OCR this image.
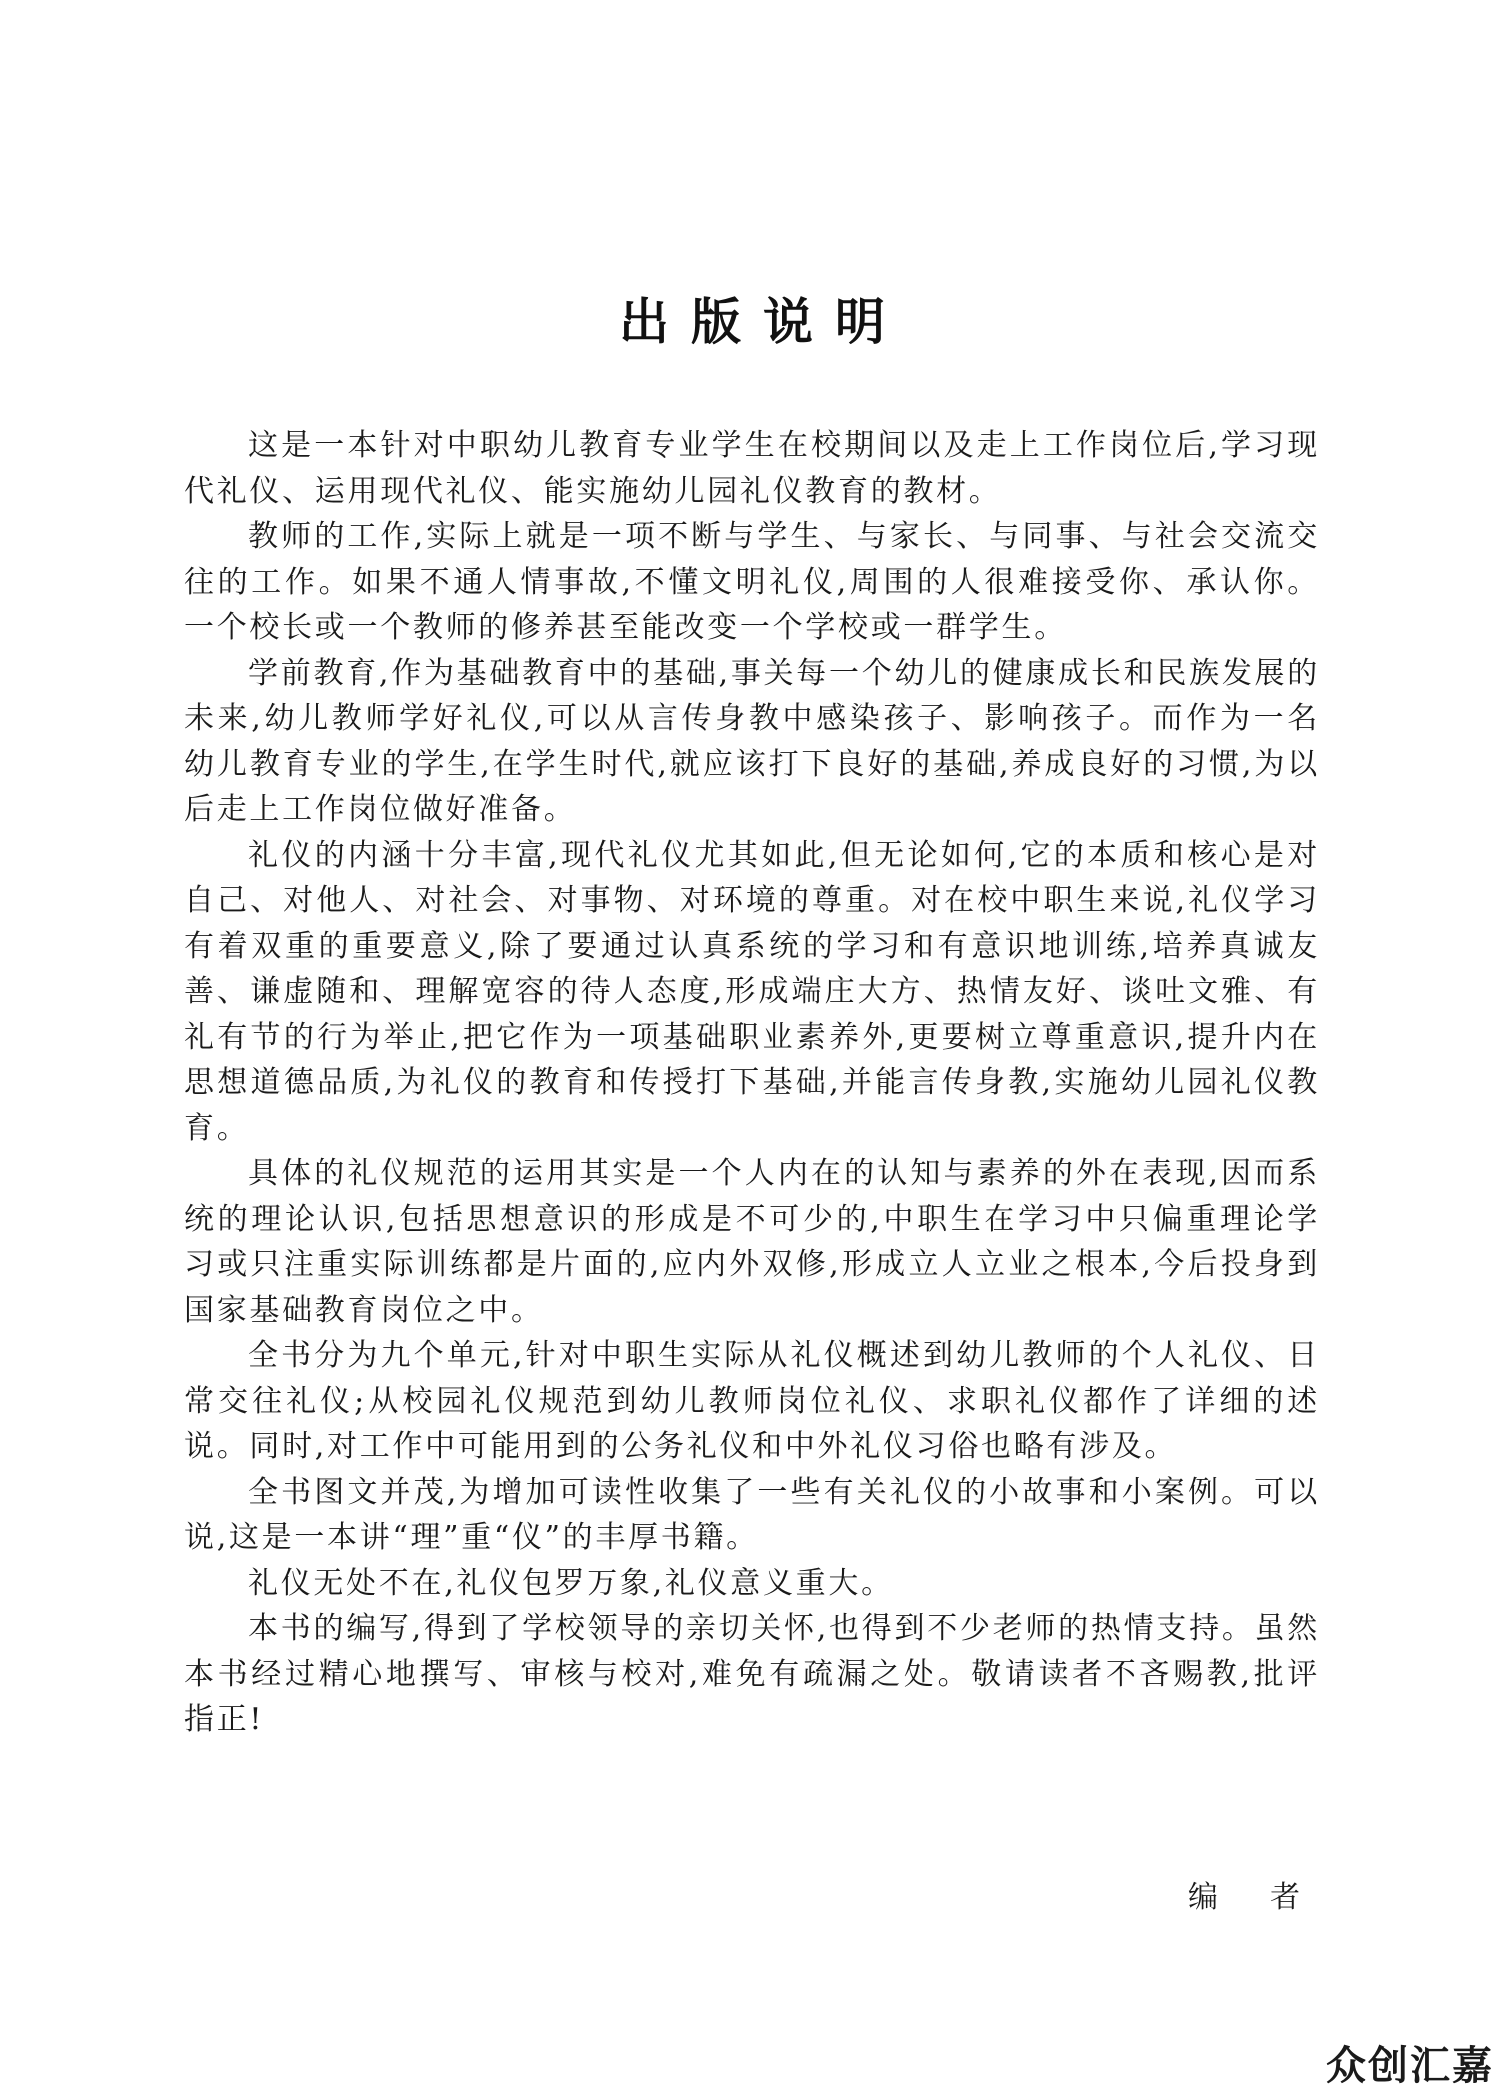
出版说明

这是一本针对中职幼儿教育专业学生在校期间以及走上工作岗位后,学习现代礼仪、运用现代礼仪、能实施幼儿园礼仪教育的教材。

教师的工作,实际上就是一项不断与学生、与家长、与同事、与社会交流交往的工作。如果不通人情事故,不懂文明礼仪,周围的人很难接受你、承认你。一个校长或一个教师的修养甚至能改变一个学校或一群学生。

学前教育,作为基础教育中的基础,事关每一个幼儿的健康成长和民族发展的未来,幼儿教师学好礼仪,可以从言传身教中感染孩子、影响孩子。而作为一名幼儿教育专业的学生,在学生时代,就应该打下良好的基础,养成良好的习惯,为以后走上工作岗位做好准备。

礼仪的内涵十分丰富,现代礼仪尤其如此,但无论如何,它的本质和核心是对自己、对他人、对社会、对事物、对环境的尊重。对在校中职生来说,礼仪学习有着双重的重要意义,除了要通过认真系统的学习和有意识地训练,培养真诚友善、谦虚随和、理解宽容的待人态度,形成端庄大方、热情友好、谈吐文雅、有礼有节的行为举止,把它作为一项基础职业素养外,更要树立尊重意识,提升内在思想道德品质,为礼仪的教育和传授打下基础,并能言传身教,实施幼儿园礼仪教育。

具体的礼仪规范的运用其实是一个人内在的认知与素养的外在表现,因而系统的理论认识,包括思想意识的形成是不可少的,中职生在学习中只偏重理论学习或只注重实际训练都是片面的,应内外双修,形成立人立业之根本,今后投身到国家基础教育岗位之中。

全书分为九个单元,针对中职生实际从礼仪概述到幼儿教师的个人礼仪、日常交往礼仪;从校园礼仪规范到幼儿教师岗位礼仪、求职礼仪都作了详细的述说。同时,对工作中可能用到的公务礼仪和中外礼仪习俗也略有涉及。

全书图文并茂,为增加可读性收集了一些有关礼仪的小故事和小案例。可以说,这是一本讲“理”重“仪”的丰厚书籍。

礼仪无处不在,礼仪包罗万象,礼仪意义重大。

本书的编写,得到了学校领导的亲切关怀,也得到不少老师的热情支持。虽然本书经过精心地撰写、审核与校对,难免有疏漏之处。敬请读者不吝赐教,批评指正!

编 者
众创汇嘉
